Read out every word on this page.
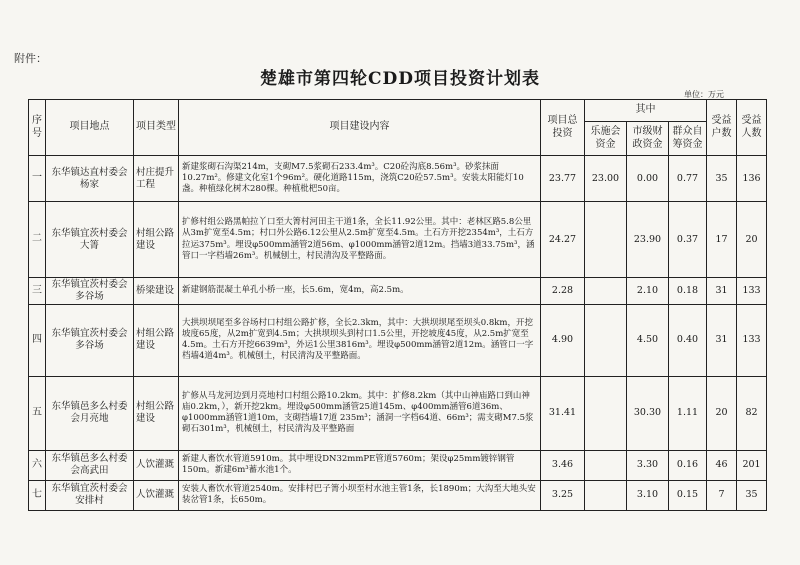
附件：
楚雄市第四轮CDD项目投资计划表
单位：万元
序号	项目地点	项目类型	项目建设内容	项目总投资	其中			受益户数	受益人数
					乐施会资金	市级财政资金	群众自筹资金		
一	东华镇达直村委会杨家	村庄提升工程	新建浆砌石沟渠214m，支砌M7.5浆砌石233.4m³。C20砼沟底8.56m³。砂浆抹面10.27m²。修建文化室1个96m²。硬化道路115m，浇筑C20砼57.5m³。安装太阳能灯10盏。种植绿化树木280棵。种植枇杷50亩。	23.77	23.00	0.00	0.77	35	136
二	东华镇宜茨村委会大箐	村组公路建设	扩修村组公路黑帕拉丫口至大箐村河田主干道1条，全长11.92公里。其中：老林区路5.8公里从3m扩宽至4.5m；村口外公路6.12公里从2.5m扩宽至4.5m。土石方开挖2354m³，土石方拉运375m³。埋设φ500mm涵管2道56m、φ1000mm涵管2道12m。挡墙3道33.75m³，涵管口一字档墙26m³。机械刨土，村民清沟及平整路面。	24.27		23.90	0.37	17	20
三	东华镇宜茨村委会多谷场	桥梁建设	新建钢筋混凝土单孔小桥一座，长5.6m，宽4m，高2.5m。	2.28		2.10	0.18	31	133
四	东华镇宜茨村委会多谷场	村组公路建设	大拱坝坝尾至多谷场村口村组公路扩修，全长2.3km，其中：大拱坝坝尾至坝头0.8km，开挖坡度65度，从2m扩宽到4.5m；大拱坝坝头到村口1.5公里，开挖坡度45度，从2.5m扩宽至4.5m。土石方开挖6639m³，外运1公里3816m³。埋设φ500mm涵管2道12m。涵管口一字档墙4道4m³。机械刨土，村民清沟及平整路面。	4.90		4.50	0.40	31	133
五	东华镇邑多么村委会月亮地	村组公路建设	扩修从马龙河边到月亮地村口村组公路10.2km。其中：扩修8.2km（其中山神庙路口到山神庙0.2km，），新开挖2km。埋设φ500mm涵管25道145m、φ400mm涵管6道36m、φ1000mm涵管1道10m，支砌挡墙17道 235m³；涵洞一字档64道、66m³；需支砌M7.5浆砌石301m³，机械刨土，村民清沟及平整路面	31.41		30.30	1.11	20	82
六	东华镇邑多么村委会高武田	人饮灌溉	新建人畜饮水管道5910m。其中埋设DN32mmPE管道5760m；架设φ25mm镀锌钢管150m。新建6m³蓄水池1个。	3.46		3.30	0.16	46	201
七	东华镇宜茨村委会安排村	人饮灌溉	安装人畜饮水管道2540m。安排村巴子箐小坝至村水池主管1条，长1890m；大沟至大地头安装岔管1条，长650m。	3.25		3.10	0.15	7	35
